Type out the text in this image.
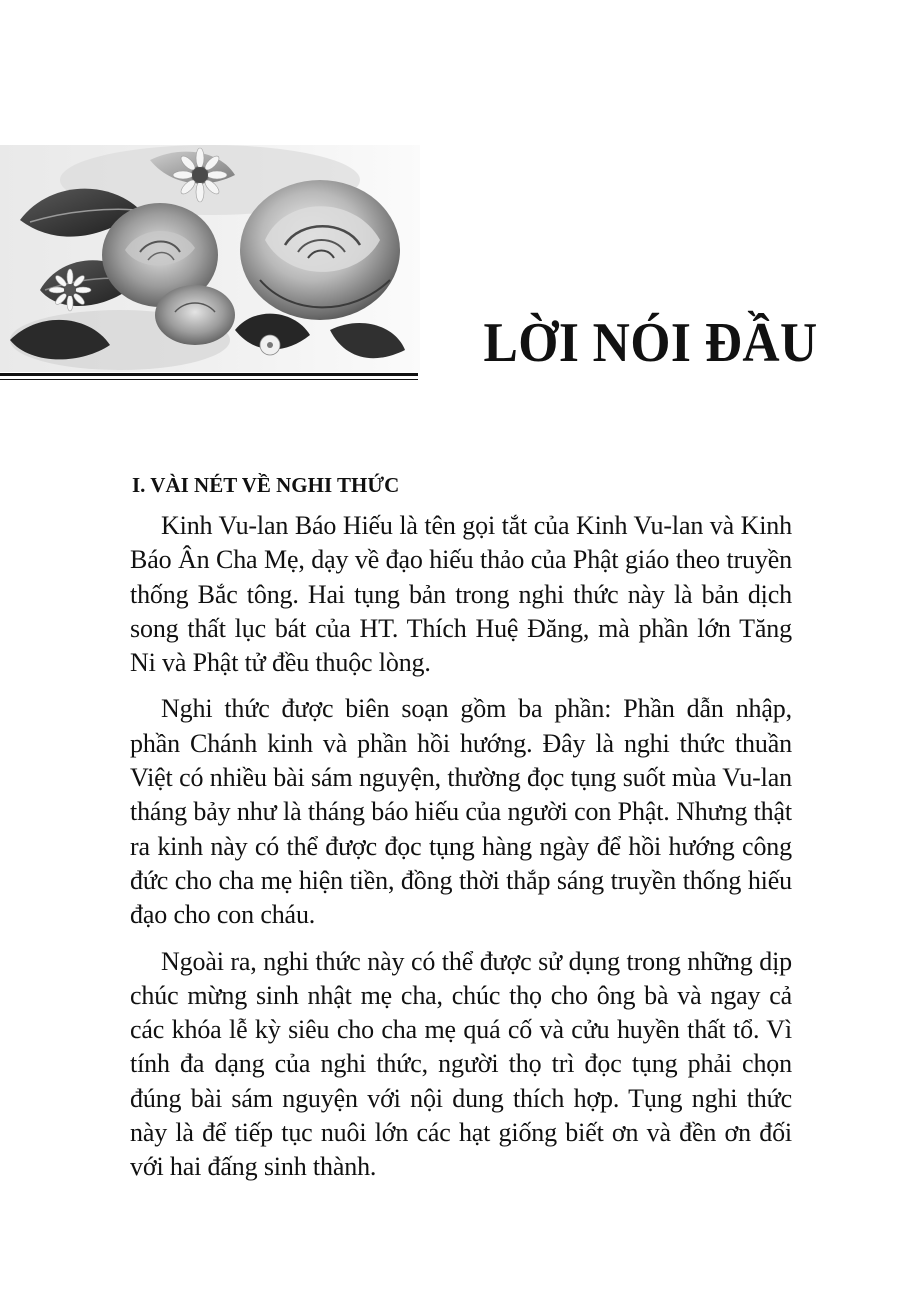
LỜI NÓI ĐẦU
I. VÀI NÉT VỀ NGHI THỨC

Kinh Vu-lan Báo Hiếu là tên gọi tắt của Kinh Vu-lan và Kinh Báo Ân Cha Mẹ, dạy về đạo hiếu thảo của Phật giáo theo truyền thống Bắc tông. Hai tụng bản trong nghi thức này là bản dịch song thất lục bát của HT. Thích Huệ Đăng, mà phần lớn Tăng Ni và Phật tử đều thuộc lòng.

Nghi thức được biên soạn gồm ba phần: Phần dẫn nhập, phần Chánh kinh và phần hồi hướng. Đây là nghi thức thuần Việt có nhiều bài sám nguyện, thường đọc tụng suốt mùa Vu-lan tháng bảy như là tháng báo hiếu của người con Phật. Nhưng thật ra kinh này có thể được đọc tụng hàng ngày để hồi hướng công đức cho cha mẹ hiện tiền, đồng thời thắp sáng truyền thống hiếu đạo cho con cháu.

Ngoài ra, nghi thức này có thể được sử dụng trong những dịp chúc mừng sinh nhật mẹ cha, chúc thọ cho ông bà và ngay cả các khóa lễ kỳ siêu cho cha mẹ quá cố và cửu huyền thất tổ. Vì tính đa dạng của nghi thức, người thọ trì đọc tụng phải chọn đúng bài sám nguyện với nội dung thích hợp. Tụng nghi thức này là để tiếp tục nuôi lớn các hạt giống biết ơn và đền ơn đối với hai đấng sinh thành.
